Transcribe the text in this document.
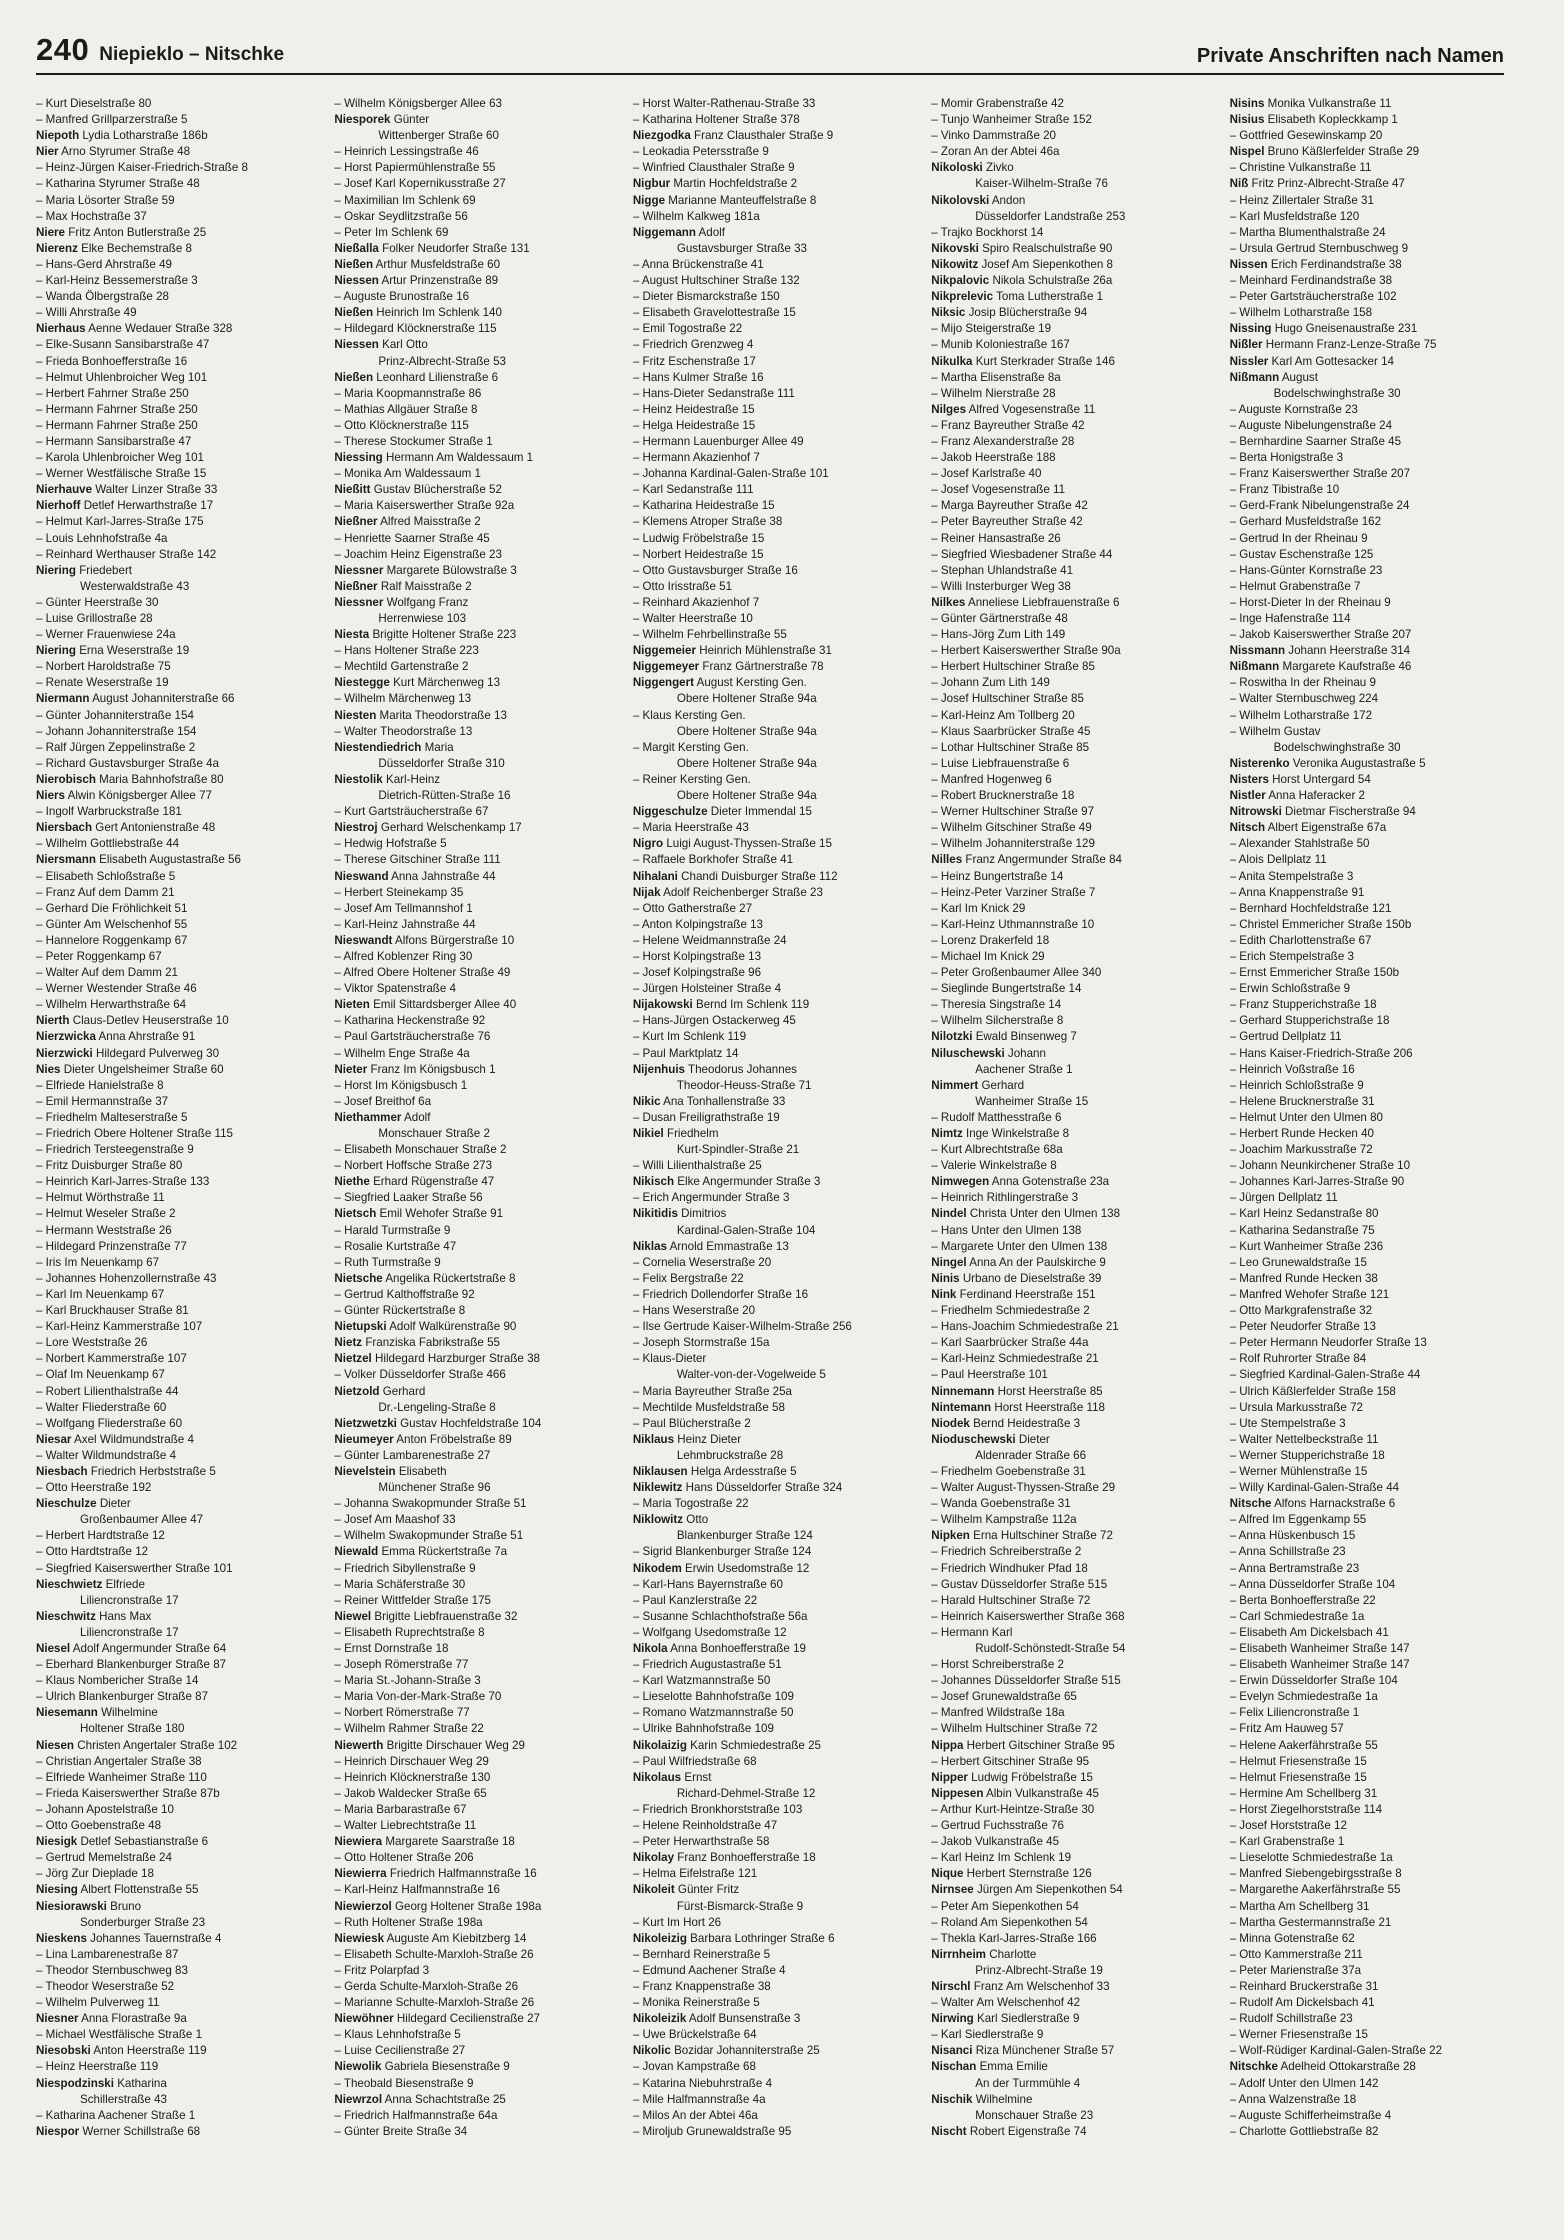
240 Niepieklo – Nitschke	Private Anschriften nach Namen
– Kurt Dieselstraße 80
– Manfred Grillparzerstraße 5
Niepoth Lydia Lotharstraße 186b
Nier Arno Styrumer Straße 48
– Heinz-Jürgen Kaiser-Friedrich-Straße 8
– Katharina Styrumer Straße 48
– Maria Lösorter Straße 59
– Max Hochstraße 37
Niere Fritz Anton Butlerstraße 25
Nierenz Elke Bechemstraße 8
– Hans-Gerd Ahrstraße 49
– Karl-Heinz Bessemerstraße 3
– Wanda Ölbergstraße 28
– Willi Ahrstraße 49
Nierhaus Aenne Wedauer Straße 328
– Elke-Susann Sansibarstraße 47
– Frieda Bonhoefferstraße 16
– Helmut Uhlenbroicher Weg 101
– Herbert Fahrner Straße 250
– Hermann Fahrner Straße 250
– Hermann Fahrner Straße 250
– Hermann Sansibarstraße 47
– Karola Uhlenbroicher Weg 101
– Werner Westfälische Straße 15
Nierhauve Walter Linzer Straße 33
Nierhoff Detlef Herwarthstraße 17
– Helmut Karl-Jarres-Straße 175
– Louis Lehnhofstraße 4a
– Reinhard Werthauser Straße 142
Niering Friedebert
Westerwaldstraße 43
– Günter Heerstraße 30
– Luise Grillostraße 28
– Werner Frauenwiese 24a
Niering Erna Weserstraße 19
– Norbert Haroldstraße 75
– Renate Weserstraße 19
Niermann August Johanniterstraße 66
– Günter Johanniterstraße 154
– Johann Johanniterstraße 154
– Ralf Jürgen Zeppelinstraße 2
– Richard Gustavsburger Straße 4a
Nierobisch Maria Bahnhofstraße 80
Niers Alwin Königsberger Allee 77
– Ingolf Warbruckstraße 181
Niersbach Gert Antonienstraße 48
– Wilhelm Gottliebstraße 44
Niersmann Elisabeth Augustastraße 56
– Elisabeth Schloßstraße 5
– Franz Auf dem Damm 21
– Gerhard Die Fröhlichkeit 51
– Günter Am Welschenhof 55
– Hannelore Roggenkamp 67
– Peter Roggenkamp 67
– Walter Auf dem Damm 21
– Werner Westender Straße 46
– Wilhelm Herwarthstraße 64
Nierth Claus-Detlev Heuserstraße 10
Nierzwicka Anna Ahrstraße 91
Nierzwicki Hildegard Pulverweg 30
Nies Dieter Ungelsheimer Straße 60
– Elfriede Hanielstraße 8
– Emil Hermannstraße 37
– Friedhelm Malteserstraße 5
– Friedrich Obere Holtener Straße 115
– Friedrich Tersteegenstraße 9
– Fritz Duisburger Straße 80
– Heinrich Karl-Jarres-Straße 133
– Helmut Wörthstraße 11
– Helmut Weseler Straße 2
– Hermann Weststraße 26
– Hildegard Prinzenstraße 77
– Iris Im Neuenkamp 67
– Johannes Hohenzollernstraße 43
– Karl Im Neuenkamp 67
– Karl Bruckhauser Straße 81
– Karl-Heinz Kammerstraße 107
– Lore Weststraße 26
– Norbert Kammerstraße 107
– Olaf Im Neuenkamp 67
– Robert Lilienthalstraße 44
– Walter Fliederstraße 60
– Wolfgang Fliederstraße 60
Niesar Axel Wildmundstraße 4
– Walter Wildmundstraße 4
Niesbach Friedrich Herbststraße 5
– Otto Heerstraße 192
Nieschulze Dieter
Großenbaumer Allee 47
– Herbert Hardtstraße 12
– Otto Hardtstraße 12
– Siegfried Kaiserswerther Straße 101
Nieschwietz Elfriede
Liliencronstraße 17
Nieschwitz Hans Max
Liliencronstraße 17
Niesel Adolf Angermunder Straße 64
– Eberhard Blankenburger Straße 87
– Klaus Nombericher Straße 14
– Ulrich Blankenburger Straße 87
Niesemann Wilhelmine
Holtener Straße 180
Niesen Christen Angertaler Straße 102
– Christian Angertaler Straße 38
– Elfriede Wanheimer Straße 110
– Frieda Kaiserswerther Straße 87b
– Johann Apostelstraße 10
– Otto Goebenstraße 48
Niesigk Detlef Sebastianstraße 6
– Gertrud Memelstraße 24
– Jörg Zur Dieplade 18
Niesing Albert Flottenstraße 55
Niesiorawski Bruno
Sonderburger Straße 23
Nieskens Johannes Tauernstraße 4
– Lina Lambarenestraße 87
– Theodor Sternbuschweg 83
– Theodor Weserstraße 52
– Wilhelm Pulverweg 11
Niesner Anna Florastraße 9a
– Michael Westfälische Straße 1
Niesobski Anton Heerstraße 119
– Heinz Heerstraße 119
Niespodzinski Katharina
Schillerstraße 43
– Katharina Aachener Straße 1
Niespor Werner Schillstraße 68
– Wilhelm Königsberger Allee 63
Niesporek Günter
Wittenberger Straße 60
– Heinrich Lessingstraße 46
– Horst Papiermühlenstraße 55
– Josef Karl Kopernikusstraße 27
– Maximilian Im Schlenk 69
– Oskar Seydlitzstraße 56
– Peter Im Schlenk 69
Nießalla Folker Neudorfer Straße 131
Nießen Arthur Musfeldstraße 60
Niessen Artur Prinzenstraße 89
– Auguste Brunostraße 16
Nießen Heinrich Im Schlenk 140
– Hildegard Klöcknerstraße 115
Niessen Karl Otto
Prinz-Albrecht-Straße 53
Nießen Leonhard Lilienstraße 6
– Maria Koopmannstraße 86
– Mathias Allgäuer Straße 8
– Otto Klöcknerstraße 115
– Therese Stockumer Straße 1
Niessing Hermann Am Waldessaum 1
– Monika Am Waldessaum 1
Nießitt Gustav Blücherstraße 52
– Maria Kaiserswerther Straße 92a
Nießner Alfred Maisstraße 2
– Henriette Saarner Straße 45
– Joachim Heinz Eigenstraße 23
Niessner Margarete Bülowstraße 3
Nießner Ralf Maisstraße 2
Niessner Wolfgang Franz
Herrenwiese 103
Niesta Brigitte Holtener Straße 223
– Hans Holtener Straße 223
– Mechtild Gartenstraße 2
Niestegge Kurt Märchenweg 13
– Wilhelm Märchenweg 13
Niesten Marita Theodorstraße 13
– Walter Theodorstraße 13
Niestendiedrich Maria
Düsseldorfer Straße 310
Niestolik Karl-Heinz
Dietrich-Rütten-Straße 16
– Kurt Gartsträucherstraße 67
Niestroj Gerhard Welschenkamp 17
– Hedwig Hofstraße 5
– Therese Gitschiner Straße 111
Nieswand Anna Jahnstraße 44
– Herbert Steinekamp 35
– Josef Am Tellmannshof 1
– Karl-Heinz Jahnstraße 44
Nieswandt Alfons Bürgerstraße 10
– Alfred Koblenzer Ring 30
– Alfred Obere Holtener Straße 49
– Viktor Spatenstraße 4
Nieten Emil Sittardsberger Allee 40
– Katharina Heckenstraße 92
– Paul Gartsträucherstraße 76
– Wilhelm Enge Straße 4a
Nieter Franz Im Königsbusch 1
– Horst Im Königsbusch 1
– Josef Breithof 6a
Niethammer Adolf
Monschauer Straße 2
– Elisabeth Monschauer Straße 2
– Norbert Hoffsche Straße 273
Niethe Erhard Rügenstraße 47
– Siegfried Laaker Straße 56
Nietsch Emil Wehofer Straße 91
– Harald Turmstraße 9
– Rosalie Kurtstraße 47
– Ruth Turmstraße 9
Nietsche Angelika Rückertstraße 8
– Gertrud Kalthoffstraße 92
– Günter Rückertstraße 8
Nietupski Adolf Walkürenstraße 90
Nietz Franziska Fabrikstraße 55
Nietzel Hildegard Harzburger Straße 38
– Volker Düsseldorfer Straße 466
Nietzold Gerhard
Dr.-Lengeling-Straße 8
Nietzwetzki Gustav Hochfeldstraße 104
Nieumeyer Anton Fröbelstraße 89
– Günter Lambarenestraße 27
Nievelstein Elisabeth
Münchener Straße 96
– Johanna Swakopmunder Straße 51
– Josef Am Maashof 33
– Wilhelm Swakopmunder Straße 51
Niewald Emma Rückertstraße 7a
– Friedrich Sibyllenstraße 9
– Maria Schäferstraße 30
– Reiner Wittfelder Straße 175
Niewel Brigitte Liebfrauenstraße 32
– Elisabeth Ruprechtstraße 8
– Ernst Dornstraße 18
– Joseph Römerstraße 77
– Maria St.-Johann-Straße 3
– Maria Von-der-Mark-Straße 70
– Norbert Römerstraße 77
– Wilhelm Rahmer Straße 22
Niewerth Brigitte Dirschauer Weg 29
– Heinrich Dirschauer Weg 29
– Heinrich Klöcknerstraße 130
– Jakob Waldecker Straße 65
– Maria Barbarastraße 67
– Walter Liebrechtstraße 11
Niewiera Margarete Saarstraße 18
– Otto Holtener Straße 206
Niewierra Friedrich Halfmannstraße 16
– Karl-Heinz Halfmannstraße 16
Niewierzol Georg Holtener Straße 198a
– Ruth Holtener Straße 198a
Niewiesk Auguste Am Kiebitzberg 14
– Elisabeth Schulte-Marxloh-Straße 26
– Fritz Polarpfad 3
– Gerda Schulte-Marxloh-Straße 26
– Marianne Schulte-Marxloh-Straße 26
Niewöhner Hildegard Cecilienstraße 27
– Klaus Lehnhofstraße 5
– Luise Cecilienstraße 27
Niewolik Gabriela Biesenstraße 9
– Theobald Biesenstraße 9
Niewrzol Anna Schachtstraße 25
– Friedrich Halfmannstraße 64a
– Günter Breite Straße 34
– Horst Walter-Rathenau-Straße 33
– Katharina Holtener Straße 378
Niezgodka Franz Clausthaler Straße 9
– Leokadia Petersstraße 9
– Winfried Clausthaler Straße 9
Nigbur Martin Hochfeldstraße 2
Nigge Marianne Manteuffelstraße 8
– Wilhelm Kalkweg 181a
Niggemann Adolf
Gustavsburger Straße 33
– Anna Brückenstraße 41
– August Hultschiner Straße 132
– Dieter Bismarckstraße 150
– Elisabeth Gravelottestraße 15
– Emil Togostraße 22
– Friedrich Grenzweg 4
– Fritz Eschenstraße 17
– Hans Kulmer Straße 16
– Hans-Dieter Sedanstraße 111
– Heinz Heidestraße 15
– Helga Heidestraße 15
– Hermann Lauenburger Allee 49
– Hermann Akazienhof 7
– Johanna Kardinal-Galen-Straße 101
– Karl Sedanstraße 111
– Katharina Heidestraße 15
– Klemens Atroper Straße 38
– Ludwig Fröbelstraße 15
– Norbert Heidestraße 15
– Otto Gustavsburger Straße 16
– Otto Irisstraße 51
– Reinhard Akazienhof 7
– Walter Heerstraße 10
– Wilhelm Fehrbellinstraße 55
Niggemeier Heinrich Mühlenstraße 31
Niggemeyer Franz Gärtnerstraße 78
Niggengert August Kersting Gen.
Obere Holtener Straße 94a
– Klaus Kersting Gen.
Obere Holtener Straße 94a
– Margit Kersting Gen.
Obere Holtener Straße 94a
– Reiner Kersting Gen.
Obere Holtener Straße 94a
Niggeschulze Dieter Immendal 15
– Maria Heerstraße 43
Nigro Luigi August-Thyssen-Straße 15
– Raffaele Borkhofer Straße 41
Nihalani Chandi Duisburger Straße 112
Nijak Adolf Reichenberger Straße 23
– Otto Gatherstraße 27
– Anton Kolpingstraße 13
– Helene Weidmannstraße 24
– Horst Kolpingstraße 13
– Josef Kolpingstraße 96
– Jürgen Holsteiner Straße 4
Nijakowski Bernd Im Schlenk 119
– Hans-Jürgen Ostackerweg 45
– Kurt Im Schlenk 119
– Paul Marktplatz 14
Nijenhuis Theodorus Johannes
Theodor-Heuss-Straße 71
Nikic Ana Tonhallenstraße 33
– Dusan Freiligrathstraße 19
Nikiel Friedhelm
Kurt-Spindler-Straße 21
– Willi Lilienthalstraße 25
Nikisch Elke Angermunder Straße 3
– Erich Angermunder Straße 3
Nikitidis Dimitrios
Kardinal-Galen-Straße 104
Niklas Arnold Emmastraße 13
– Cornelia Weserstraße 20
– Felix Bergstraße 22
– Friedrich Dollendorfer Straße 16
– Hans Weserstraße 20
– Ilse Gertrude Kaiser-Wilhelm-Straße 256
– Joseph Stormstraße 15a
– Klaus-Dieter
Walter-von-der-Vogelweide 5
– Maria Bayreuther Straße 25a
– Mechtilde Musfeldstraße 58
– Paul Blücherstraße 2
Niklaus Heinz Dieter
Lehmbruckstraße 28
Niklausen Helga Ardesstraße 5
Niklewitz Hans Düsseldorfer Straße 324
– Maria Togostraße 22
Niklowitz Otto
Blankenburger Straße 124
– Sigrid Blankenburger Straße 124
Nikodem Erwin Usedomstraße 12
– Karl-Hans Bayernstraße 60
– Paul Kanzlerstraße 22
– Susanne Schlachthofstraße 56a
– Wolfgang Usedomstraße 12
Nikola Anna Bonhoefferstraße 19
– Friedrich Augustastraße 51
– Karl Watzmannstraße 50
– Lieselotte Bahnhofstraße 109
– Romano Watzmannstraße 50
– Ulrike Bahnhofstraße 109
Nikolaizig Karin Schmiedestraße 25
– Paul Wilfriedstraße 68
Nikolaus Ernst
Richard-Dehmel-Straße 12
– Friedrich Bronkhorststraße 103
– Helene Reinholdstraße 47
– Peter Herwarthstraße 58
Nikolay Franz Bonhoefferstraße 18
– Helma Eifelstraße 121
Nikoleit Günter Fritz
Fürst-Bismarck-Straße 9
– Kurt Im Hort 26
Nikoleizig Barbara Lothringer Straße 6
– Bernhard Reinerstraße 5
– Edmund Aachener Straße 4
– Franz Knappenstraße 38
– Monika Reinerstraße 5
Nikoleizik Adolf Bunsenstraße 3
– Uwe Brückelstraße 64
Nikolic Bozidar Johanniterstraße 25
– Jovan Kampstraße 68
– Katarina Niebuhrstraße 4
– Mile Halfmannstraße 4a
– Milos An der Abtei 46a
– Miroljub Grunewaldstraße 95
– Momir Grabenstraße 42
– Tunjo Wanheimer Straße 152
– Vinko Dammstraße 20
– Zoran An der Abtei 46a
Nikoloski Zivko
Kaiser-Wilhelm-Straße 76
Nikolovski Andon
Düsseldorfer Landstraße 253
– Trajko Bockhorst 14
Nikovski Spiro Realschulstraße 90
Nikowitz Josef Am Siepenkothen 8
Nikpalovic Nikola Schulstraße 26a
Nikprelevic Toma Lutherstraße 1
Niksic Josip Blücherstraße 94
– Mijo Steigerstraße 19
– Munib Koloniestraße 167
Nikulka Kurt Sterkrader Straße 146
– Martha Elisenstraße 8a
– Wilhelm Nierstraße 28
Nilges Alfred Vogesenstraße 11
– Franz Bayreuther Straße 42
– Franz Alexanderstraße 28
– Jakob Heerstraße 188
– Josef Karlstraße 40
– Josef Vogesenstraße 11
– Marga Bayreuther Straße 42
– Peter Bayreuther Straße 42
– Reiner Hansastraße 26
– Siegfried Wiesbadener Straße 44
– Stephan Uhlandstraße 41
– Willi Insterburger Weg 38
Nilkes Anneliese Liebfrauenstraße 6
– Günter Gärtnerstraße 48
– Hans-Jörg Zum Lith 149
– Herbert Kaiserswerther Straße 90a
– Herbert Hultschiner Straße 85
– Johann Zum Lith 149
– Josef Hultschiner Straße 85
– Karl-Heinz Am Tollberg 20
– Klaus Saarbrücker Straße 45
– Lothar Hultschiner Straße 85
– Luise Liebfrauenstraße 6
– Manfred Hogenweg 6
– Robert Brucknerstraße 18
– Werner Hultschiner Straße 97
– Wilhelm Gitschiner Straße 49
– Wilhelm Johanniterstraße 129
Nilles Franz Angermunder Straße 84
– Heinz Bungertstraße 14
– Heinz-Peter Varziner Straße 7
– Karl Im Knick 29
– Karl-Heinz Uthmannstraße 10
– Lorenz Drakerfeld 18
– Michael Im Knick 29
– Peter Großenbaumer Allee 340
– Sieglinde Bungertstraße 14
– Theresia Singstraße 14
– Wilhelm Silcherstraße 8
Nilotzki Ewald Binsenweg 7
Niluschewski Johann
Aachener Straße 1
Nimmert Gerhard
Wanheimer Straße 15
– Rudolf Matthesstraße 6
Nimtz Inge Winkelstraße 8
– Kurt Albrechtstraße 68a
– Valerie Winkelstraße 8
Nimwegen Anna Gotenstraße 23a
– Heinrich Rithlingerstraße 3
Nindel Christa Unter den Ulmen 138
– Hans Unter den Ulmen 138
– Margarete Unter den Ulmen 138
Ningel Anna An der Paulskirche 9
Ninis Urbano de Dieselstraße 39
Nink Ferdinand Heerstraße 151
– Friedhelm Schmiedestraße 2
– Hans-Joachim Schmiedestraße 21
– Karl Saarbrücker Straße 44a
– Karl-Heinz Schmiedestraße 21
– Paul Heerstraße 101
Ninnemann Horst Heerstraße 85
Nintemann Horst Heerstraße 118
Niodek Bernd Heidestraße 3
Nioduschewski Dieter
Aldenrader Straße 66
– Friedhelm Goebenstraße 31
– Walter August-Thyssen-Straße 29
– Wanda Goebenstraße 31
– Wilhelm Kampstraße 112a
Nipken Erna Hultschiner Straße 72
– Friedrich Schreiberstraße 2
– Friedrich Windhuker Pfad 18
– Gustav Düsseldorfer Straße 515
– Harald Hultschiner Straße 72
– Heinrich Kaiserswerther Straße 368
– Hermann Karl
Rudolf-Schönstedt-Straße 54
– Horst Schreiberstraße 2
– Johannes Düsseldorfer Straße 515
– Josef Grunewaldstraße 65
– Manfred Wildstraße 18a
– Wilhelm Hultschiner Straße 72
Nippa Herbert Gitschiner Straße 95
– Herbert Gitschiner Straße 95
Nipper Ludwig Fröbelstraße 15
Nippesen Albin Vulkanstraße 45
– Arthur Kurt-Heintze-Straße 30
– Gertrud Fuchsstraße 76
– Jakob Vulkanstraße 45
– Karl Heinz Im Schlenk 19
Nique Herbert Sternstraße 126
Nirnsee Jürgen Am Siepenkothen 54
– Peter Am Siepenkothen 54
– Roland Am Siepenkothen 54
– Thekla Karl-Jarres-Straße 166
Nirrnheim Charlotte
Prinz-Albrecht-Straße 19
Nirschl Franz Am Welschenhof 33
– Walter Am Welschenhof 42
Nirwing Karl Siedlerstraße 9
– Karl Siedlerstraße 9
Nisanci Riza Münchener Straße 57
Nischan Emma Emilie
An der Turmmühle 4
Nischik Wilhelmine
Monschauer Straße 23
Nischt Robert Eigenstraße 74
Nisins Monika Vulkanstraße 11
Nisius Elisabeth Kopleckkamp 1
– Gottfried Gesewinskamp 20
Nispel Bruno Käßlerfelder Straße 29
– Christine Vulkanstraße 11
Niß Fritz Prinz-Albrecht-Straße 47
– Heinz Zillertaler Straße 31
– Karl Musfeldstraße 120
– Martha Blumenthalstraße 24
– Ursula Gertrud Sternbuschweg 9
Nissen Erich Ferdinandstraße 38
– Meinhard Ferdinandstraße 38
– Peter Gartsträucherstraße 102
– Wilhelm Lotharstraße 158
Nissing Hugo Gneisenaustraße 231
Nißler Hermann Franz-Lenze-Straße 75
Nissler Karl Am Gottesacker 14
Nißmann August
Bodelschwinghstraße 30
– Auguste Kornstraße 23
– Auguste Nibelungenstraße 24
– Bernhardine Saarner Straße 45
– Berta Honigstraße 3
– Franz Kaiserswerther Straße 207
– Franz Tibistraße 10
– Gerd-Frank Nibelungenstraße 24
– Gerhard Musfeldstraße 162
– Gertrud In der Rheinau 9
– Gustav Eschenstraße 125
– Hans-Günter Kornstraße 23
– Helmut Grabenstraße 7
– Horst-Dieter In der Rheinau 9
– Inge Hafenstraße 114
– Jakob Kaiserswerther Straße 207
Nissmann Johann Heerstraße 314
Nißmann Margarete Kaufstraße 46
– Roswitha In der Rheinau 9
– Walter Sternbuschweg 224
– Wilhelm Lotharstraße 172
– Wilhelm Gustav
Bodelschwinghstraße 30
Nisterenko Veronika Augustastraße 5
Nisters Horst Untergard 54
Nistler Anna Haferacker 2
Nitrowski Dietmar Fischerstraße 94
Nitsch Albert Eigenstraße 67a
– Alexander Stahlstraße 50
– Alois Dellplatz 11
– Anita Stempelstraße 3
– Anna Knappenstraße 91
– Bernhard Hochfeldstraße 121
– Christel Emmericher Straße 150b
– Edith Charlottenstraße 67
– Erich Stempelstraße 3
– Ernst Emmericher Straße 150b
– Erwin Schloßstraße 9
– Franz Stupperichstraße 18
– Gerhard Stupperichstraße 18
– Gertrud Dellplatz 11
– Hans Kaiser-Friedrich-Straße 206
– Heinrich Voßstraße 16
– Heinrich Schloßstraße 9
– Helene Brucknerstraße 31
– Helmut Unter den Ulmen 80
– Herbert Runde Hecken 40
– Joachim Markusstraße 72
– Johann Neunkirchener Straße 10
– Johannes Karl-Jarres-Straße 90
– Jürgen Dellplatz 11
– Karl Heinz Sedanstraße 80
– Katharina Sedanstraße 75
– Kurt Wanheimer Straße 236
– Leo Grunewaldstraße 15
– Manfred Runde Hecken 38
– Manfred Wehofer Straße 121
– Otto Markgrafenstraße 32
– Peter Neudorfer Straße 13
– Peter Hermann Neudorfer Straße 13
– Rolf Ruhrorter Straße 84
– Siegfried Kardinal-Galen-Straße 44
– Ulrich Käßlerfelder Straße 158
– Ursula Markusstraße 72
– Ute Stempelstraße 3
– Walter Nettelbeckstraße 11
– Werner Stupperichstraße 18
– Werner Mühlenstraße 15
– Willy Kardinal-Galen-Straße 44
Nitsche Alfons Harnackstraße 6
– Alfred Im Eggenkamp 55
– Anna Hüskenbusch 15
– Anna Schillstraße 23
– Anna Bertramstraße 23
– Anna Düsseldorfer Straße 104
– Berta Bonhoefferstraße 22
– Carl Schmiedestraße 1a
– Elisabeth Am Dickelsbach 41
– Elisabeth Wanheimer Straße 147
– Elisabeth Wanheimer Straße 147
– Erwin Düsseldorfer Straße 104
– Evelyn Schmiedestraße 1a
– Felix Liliencronstraße 1
– Fritz Am Hauweg 57
– Helene Aakerfährstraße 55
– Helmut Friesenstraße 15
– Helmut Friesenstraße 15
– Hermine Am Schellberg 31
– Horst Ziegelhorststraße 114
– Josef Horststraße 12
– Karl Grabenstraße 1
– Lieselotte Schmiedestraße 1a
– Manfred Siebengebirgsstraße 8
– Margarethe Aakerfährstraße 55
– Martha Am Schellberg 31
– Martha Gestermannstraße 21
– Minna Gotenstraße 62
– Otto Kammerstraße 211
– Peter Marienstraße 37a
– Reinhard Bruckerstraße 31
– Rudolf Am Dickelsbach 41
– Rudolf Schillstraße 23
– Werner Friesenstraße 15
– Wolf-Rüdiger Kardinal-Galen-Straße 22
Nitschke Adelheid Ottokarstraße 28
– Adolf Unter den Ulmen 142
– Anna Walzenstraße 18
– Auguste Schifferheimstraße 4
– Charlotte Gottliebstraße 82
